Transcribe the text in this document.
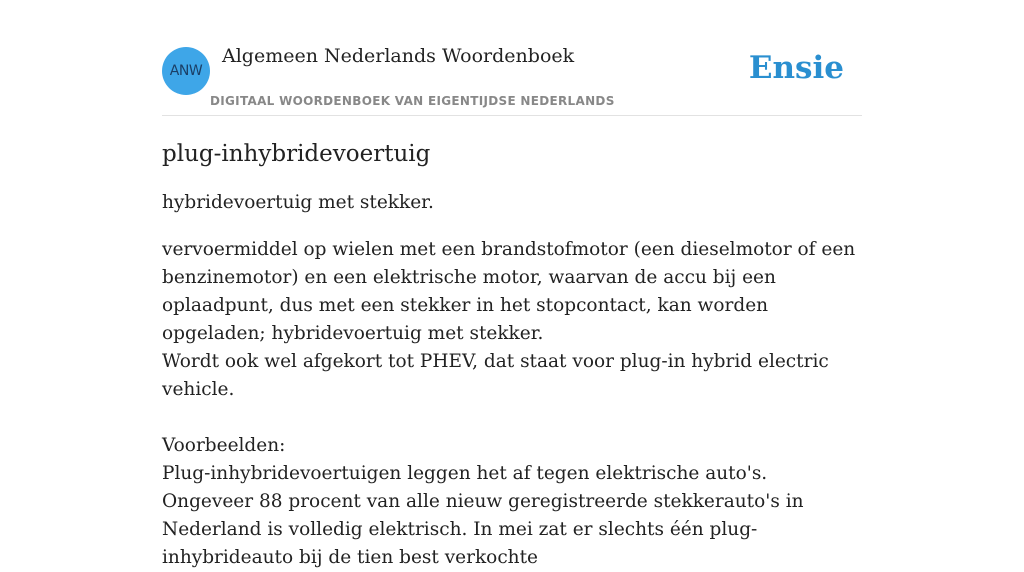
ANW
Algemeen Nederlands Woordenboek
DIGITAAL WOORDENBOEK VAN EIGENTIJDSE NEDERLANDS
Ensie
plug-inhybridevoertuig

hybridevoertuig met stekker.

vervoermiddel op wielen met een brandstofmotor (een dieselmotor of een benzinemotor) en een elektrische motor, waarvan de accu bij een oplaadpunt, dus met een stekker in het stopcontact, kan worden opgeladen; hybridevoertuig met stekker.

Wordt ook wel afgekort tot PHEV, dat staat voor plug-in hybrid electric vehicle.

Voorbeelden:

Plug-inhybridevoertuigen leggen het af tegen elektrische auto's. Ongeveer 88 procent van alle nieuw geregistreerde stekkerauto's in Nederland is volledig elektrisch. In mei zat er slechts één plug-inhybrideauto bij de tien best verkochte
